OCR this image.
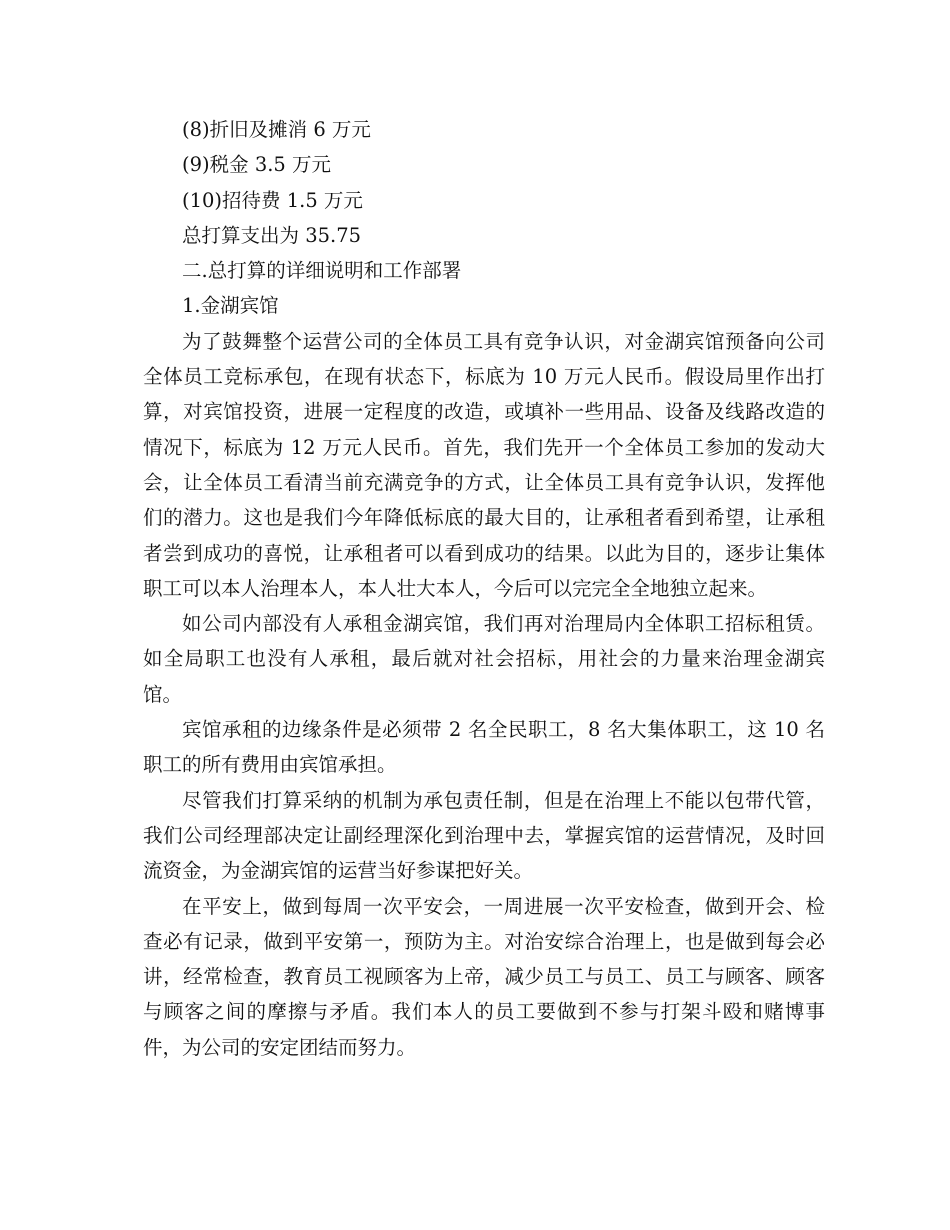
(8)折旧及摊消 6 万元

(9)税金 3.5 万元

(10)招待费 1.5 万元

总打算支出为 35.75

二.总打算的详细说明和工作部署

1.金湖宾馆

为了鼓舞整个运营公司的全体员工具有竞争认识，对金湖宾馆预备向公司全体员工竞标承包，在现有状态下，标底为 10 万元人民币。假设局里作出打算，对宾馆投资，进展一定程度的改造，或填补一些用品、设备及线路改造的情况下，标底为 12 万元人民币。首先，我们先开一个全体员工参加的发动大会，让全体员工看清当前充满竞争的方式，让全体员工具有竞争认识，发挥他们的潜力。这也是我们今年降低标底的最大目的，让承租者看到希望，让承租者尝到成功的喜悦，让承租者可以看到成功的结果。以此为目的，逐步让集体职工可以本人治理本人，本人壮大本人，今后可以完完全全地独立起来。

如公司内部没有人承租金湖宾馆，我们再对治理局内全体职工招标租赁。如全局职工也没有人承租，最后就对社会招标，用社会的力量来治理金湖宾馆。

宾馆承租的边缘条件是必须带 2 名全民职工，8 名大集体职工，这 10 名职工的所有费用由宾馆承担。

尽管我们打算采纳的机制为承包责任制，但是在治理上不能以包带代管，我们公司经理部决定让副经理深化到治理中去，掌握宾馆的运营情况，及时回流资金，为金湖宾馆的运营当好参谋把好关。

在平安上，做到每周一次平安会，一周进展一次平安检查，做到开会、检查必有记录，做到平安第一，预防为主。对治安综合治理上，也是做到每会必讲，经常检查，教育员工视顾客为上帝，减少员工与员工、员工与顾客、顾客与顾客之间的摩擦与矛盾。我们本人的员工要做到不参与打架斗殴和赌博事件，为公司的安定团结而努力。
